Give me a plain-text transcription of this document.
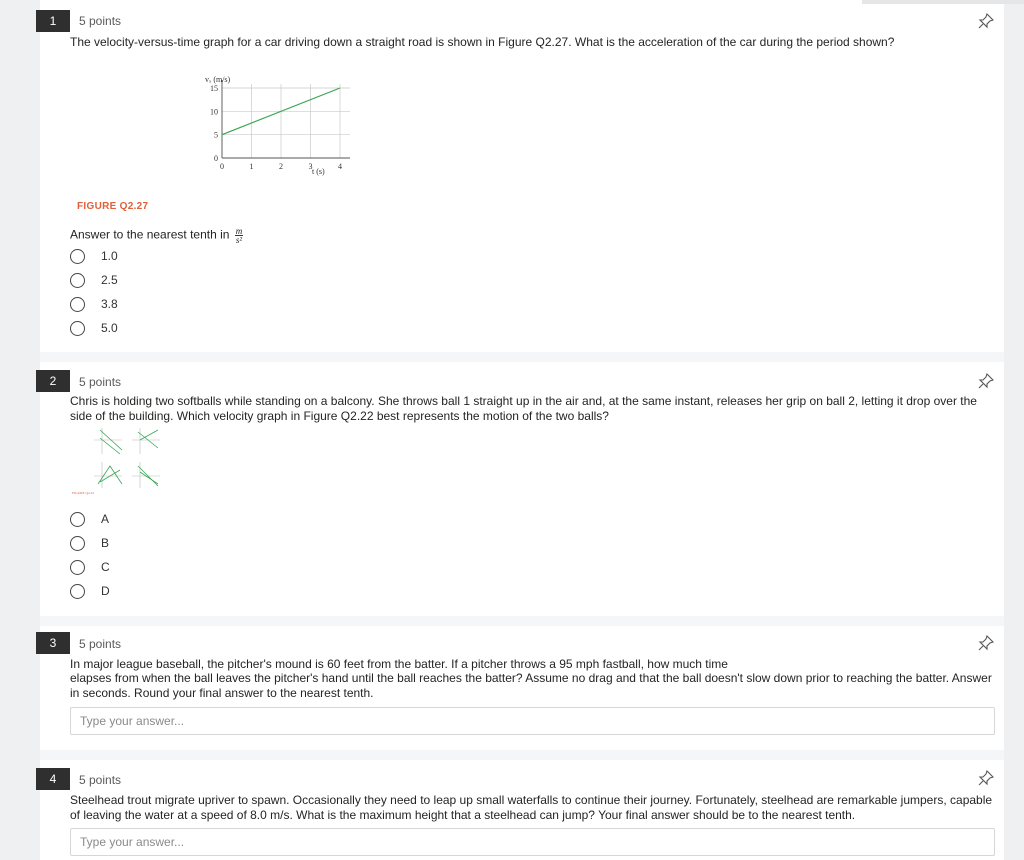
1	5 points
The velocity-versus-time graph for a car driving down a straight road is shown in Figure Q2.27. What is the acceleration of the car during the period shown?
0	1	2	3	4
0
5
10
15
vₓ (m/s)
t (s)
FIGURE Q2.27
Answer to the nearest tenth in $\frac{m}{\text{s²}}$
1.0
2.5
3.8
5.0
2	5 points
Chris is holding two softballs while standing on a balcony. She throws ball 1 straight up in the air and, at the same instant, releases her grip on ball 2, letting it drop over the side of the building. Which velocity graph in Figure Q2.22 best represents the motion of the two balls?
FIGURE Q2.22
A
B
C
D
3	5 points
In major league baseball, the pitcher's mound is 60 feet from the batter. If a pitcher throws a 95 mph fastball, how much time
elapses from when the ball leaves the pitcher's hand until the ball reaches the batter? Assume no drag and that the ball doesn't slow down prior to reaching the batter. Answer in seconds. Round your final answer to the nearest tenth.
Type your answer...
4	5 points
Steelhead trout migrate upriver to spawn. Occasionally they need to leap up small waterfalls to continue their journey. Fortunately, steelhead are remarkable jumpers, capable of leaving the water at a speed of 8.0 m/s. What is the maximum height that a steelhead can jump? Your final answer should be to the nearest tenth.
Type your answer...
